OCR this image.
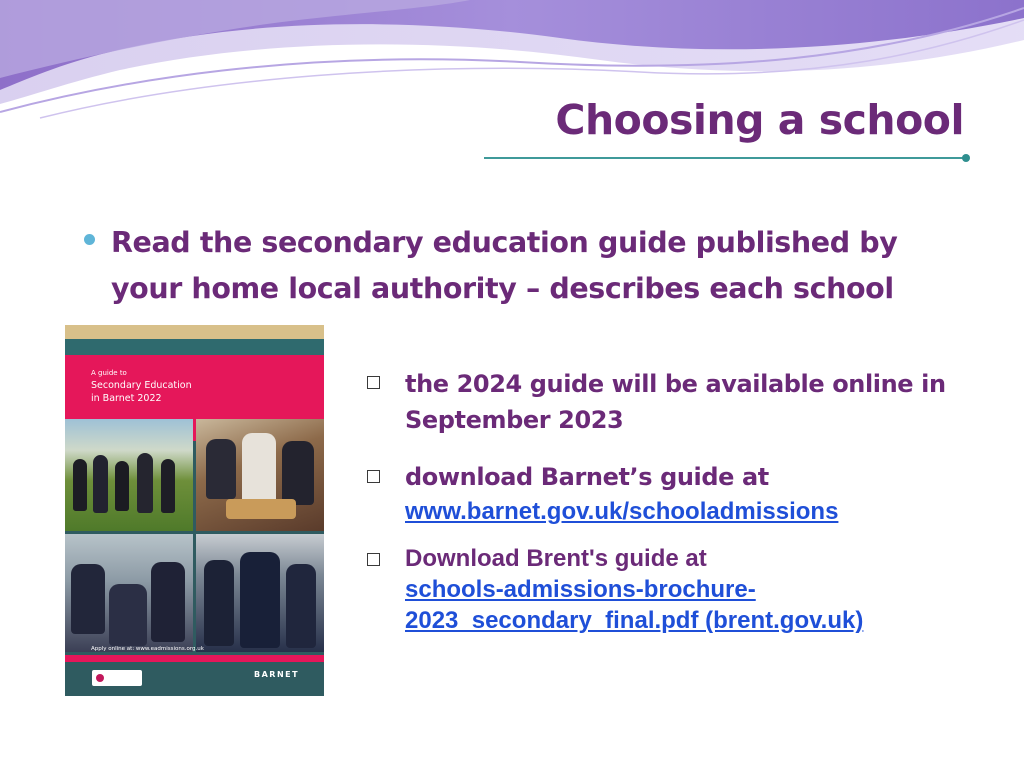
Choosing a school
Read the secondary education guide published by
your home local authority – describes each school
A guide to
Secondary Education
in Barnet 2022
Apply online at: www.eadmissions.org.uk
BARNET
the 2024 guide will be available online in
September 2023
download Barnet’s guide at
www.barnet.gov.uk/schooladmissions
Download Brent's guide at
schools-admissions-brochure-
2023_secondary_final.pdf (brent.gov.uk)
